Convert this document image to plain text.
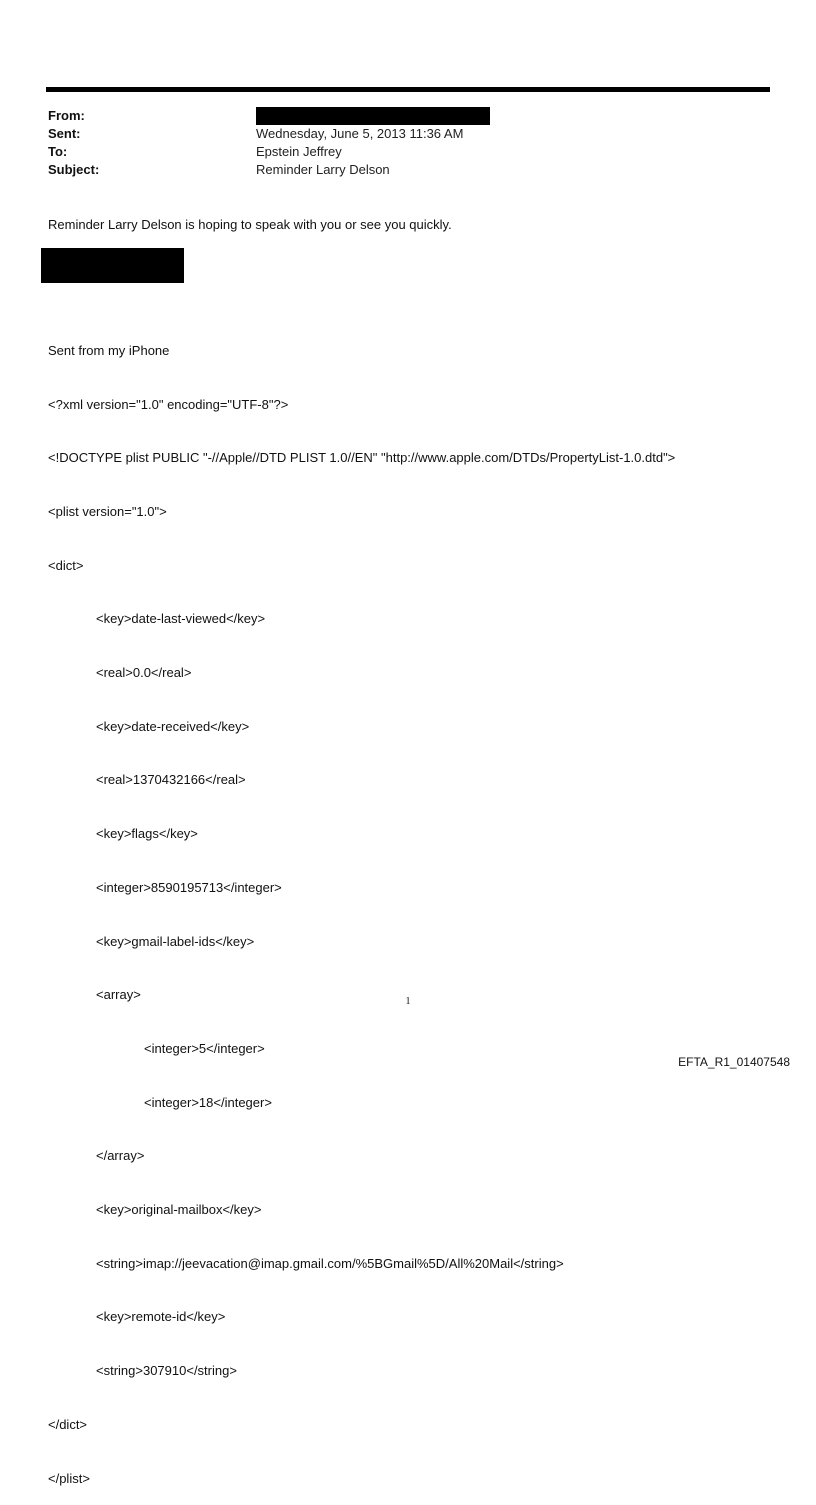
From:
Sent:	Wednesday, June 5, 2013 11:36 AM
To:	Epstein Jeffrey
Subject:	Reminder Larry Delson
Reminder Larry Delson is hoping to speak with you or see you quickly.

Sent from my iPhone

<?xml version="1.0" encoding="UTF-8"?>

<!DOCTYPE plist PUBLIC "-//Apple//DTD PLIST 1.0//EN" "http://www.apple.com/DTDs/PropertyList-1.0.dtd">

<plist version="1.0">

<dict>

<key>date-last-viewed</key>

<real>0.0</real>

<key>date-received</key>

<real>1370432166</real>

<key>flags</key>

<integer>8590195713</integer>

<key>gmail-label-ids</key>

<array>

<integer>5</integer>

<integer>18</integer>

</array>

<key>original-mailbox</key>

<string>imap://jeevacation@imap.gmail.com/%5BGmail%5D/All%20Mail</string>

<key>remote-id</key>

<string>307910</string>

</dict>

</plist>

1
EFTA_R1_01407548
